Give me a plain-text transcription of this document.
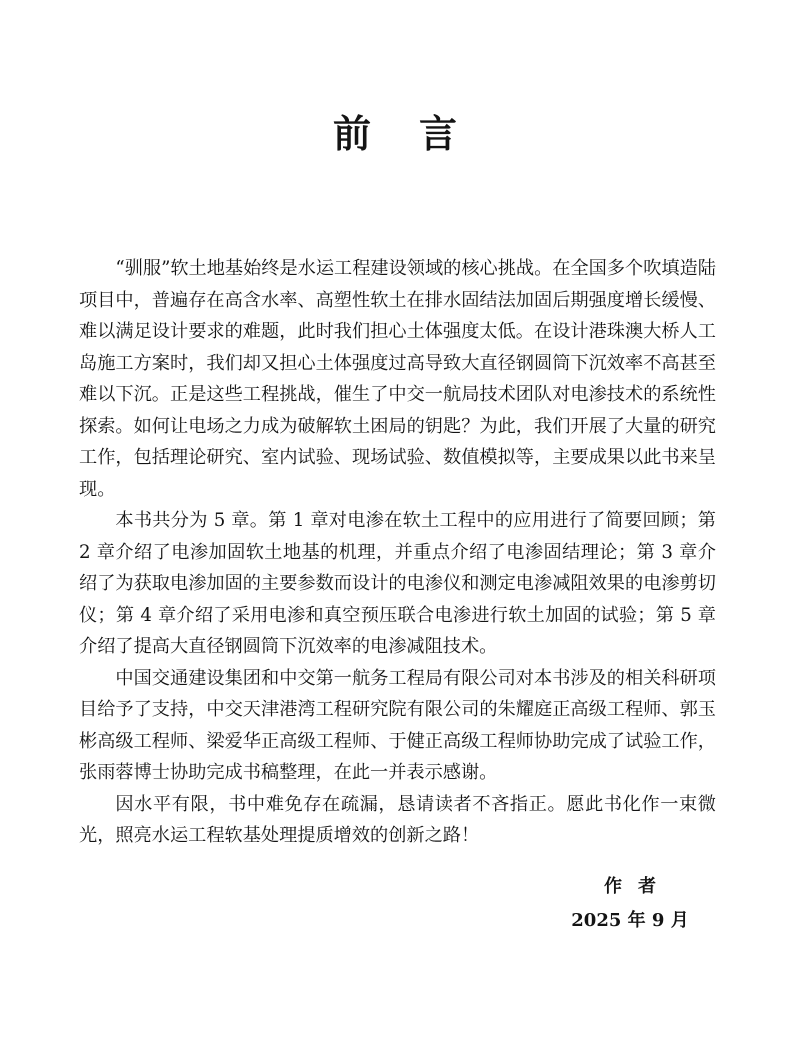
前言

“驯服”软土地基始终是水运工程建设领域的核心挑战。在全国多个吹填造陆项目中，普遍存在高含水率、高塑性软土在排水固结法加固后期强度增长缓慢、难以满足设计要求的难题，此时我们担心土体强度太低。在设计港珠澳大桥人工岛施工方案时，我们却又担心土体强度过高导致大直径钢圆筒下沉效率不高甚至难以下沉。正是这些工程挑战，催生了中交一航局技术团队对电渗技术的系统性探索。如何让电场之力成为破解软土困局的钥匙？为此，我们开展了大量的研究工作，包括理论研究、室内试验、现场试验、数值模拟等，主要成果以此书来呈现。

本书共分为 5 章。第 1 章对电渗在软土工程中的应用进行了简要回顾；第 2 章介绍了电渗加固软土地基的机理，并重点介绍了电渗固结理论；第 3 章介绍了为获取电渗加固的主要参数而设计的电渗仪和测定电渗减阻效果的电渗剪切仪；第 4 章介绍了采用电渗和真空预压联合电渗进行软土加固的试验；第 5 章介绍了提高大直径钢圆筒下沉效率的电渗减阻技术。

中国交通建设集团和中交第一航务工程局有限公司对本书涉及的相关科研项目给予了支持，中交天津港湾工程研究院有限公司的朱耀庭正高级工程师、郭玉彬高级工程师、梁爱华正高级工程师、于健正高级工程师协助完成了试验工作，张雨蓉博士协助完成书稿整理，在此一并表示感谢。

因水平有限，书中难免存在疏漏，恳请读者不吝指正。愿此书化作一束微光，照亮水运工程软基处理提质增效的创新之路！

作者
2025 年 9 月
